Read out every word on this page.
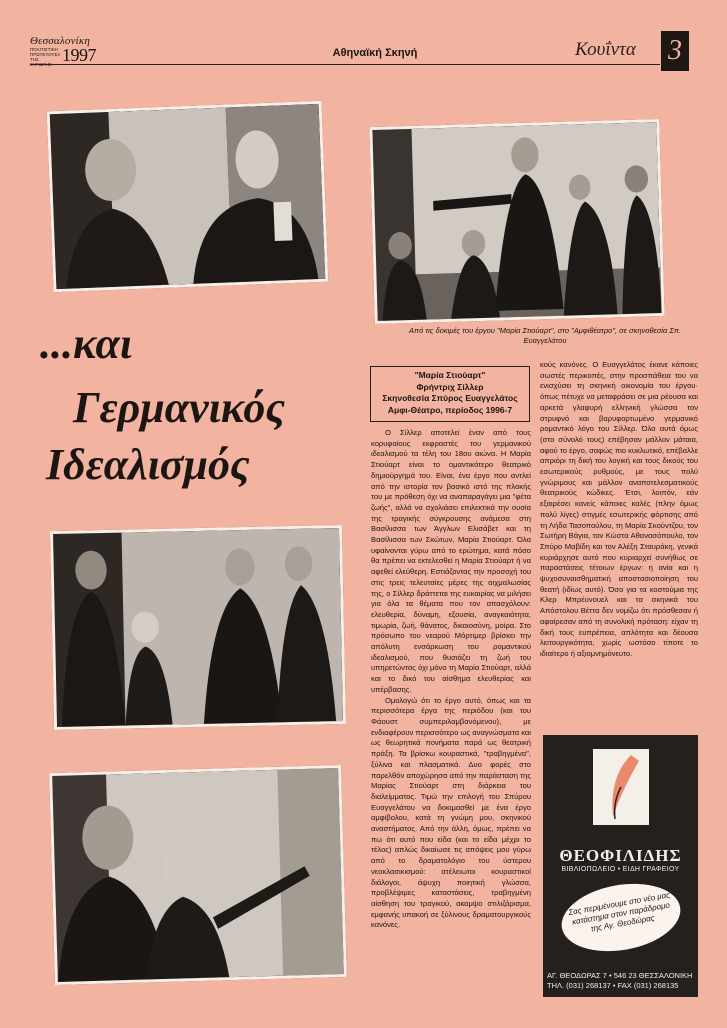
Θεσσαλονίκη
ΠΟΛΙΤΙΣΤΙΚΗ ΠΡΩΤΕΥΟΥΣΑ ΤΗΣ ΕΥΡΩΠΗΣ 1997	Αθηναϊκή Σκηνή	Κουΐντα 3
Από τις δοκιμές του έργου "Μαρία Στιούαρτ", στο "Αμφιθέατρο", σε σκηνοθεσία Σπ. Ευαγγελάτου
...και
Γερμανικός
Ιδεαλισμός
"Μαρία Στιούαρτ"
Φρήντριχ Σίλλερ
Σκηνοθεσία Σπύρος Ευαγγελάτος
Αμφι-Θέατρο, περίοδος 1996-7

Ο Σίλλερ αποτελεί έναν από τους κορυφαίους εκφραστές του γερμανικού ιδεαλισμού τα τέλη του 18ου αιώνα. Η Μαρία Στιούαρτ είναι το ομαντικότερο θεατρικό δημιούργημά του. Είναι, ένα έργο που αντλεί από την ιστορία τον βασικό ιστό της πλοκής του με πρόθεση όχι να αναπαραγάγει μια "φέτα ζωής", αλλά να σχολιάσει επιλεκτικά την ουσία της τραγικής σύγκρουσης ανάμεσα στη Βασίλισσα των Άγγλων Ελισάβετ και τη Βασίλισσα των Σκώτων, Μαρία Στιούαρτ. Όλα υφαίνονται γύρω από το ερώτημα, κατά πόσο θα πρέπει να εκτελεσθεί η Μαρία Στιούαρτ ή να αφεθεί ελεύθερη. Εστιάζοντας την προσοχή του στις τρεις τελευταίες μέρες της αιχμαλωσίας της, ο Σίλλερ δράττεται της ευκαιρίας να μιλήσει για όλα τα θέματα που τον απασχόλουν: ελευθερία, δύναμη, εξουσία, αναγκαιότητα, τιμωρία, ζωή, θάνατος, δικαιοσύνη, μοίρα. Στο πρόσωπο του νεαρού Μόρτιμερ βρίσκει την απόλυτη ενσάρκωση του ρομαντικού ιδεαλισμού, που θυσιάζει τη ζωή του υπηρετώντας όχι μόνο τη Μαρία Στιούαρτ, αλλά και το δικό του αίσθημα ελευθερίας και υπέρβασης.

Ομολογώ ότι το έργο αυτό, όπως και τα περισσότερα έργα της περιόδου (και του Φάουστ συμπεριλαμβανόμενου), με ενδιαφέρουν περισσότερο ως αναγνώσματα και ως θεωρητικά πονήματα παρά ως θεατρική πράξη. Τα βρίσκω κουραστικά, "τραβηγμένα", ξύλινα και πλασματικά. Δυο φορές στο παρελθόν αποχώρησα από την παράσταση της Μαρίας Στιούαρτ στη διάρκεια του διαλείμματος. Τιμώ την επιλογή του Σπύρου Ευαγγελάτου να δοκιμασθεί με ένα έργο αμφίβολου, κατά τη γνώμη μου, σκηνικού αναστήματος. Από την άλλη, όμως, πρέπει να πω ότι αυτό που είδα (και το είδα μέχρι το τέλος) απλώς δικαίωσε τις απόψεις μου γύρω από το δραματολόγιο του ύστερου νεοκλασικισμού: ατέλειωτοι κουραστικοί διάλογοι, άψυχη ποιητική γλώσσα, προβλέψιμες καταστάσεις, τραβηγμένη αίσθηση του τραγικού, ακαμψο στιλιζάρισμα, εμφανής υπακοή σε ξύλινους δραματουργικούς κανόνες.

κούς κανόνες. Ο Ευαγγελάτος έκανε κάποιες σωστές περικοπές, στην προσπάθεια του να ενισχύσει τη σκηνική οικονομία του έργου· όπως πέτυχε να μεταφράσει σε μια ρέουσα και αρκετά γλαφυρή ελληνική γλώσσα τον στρυφνό και βαρυφορτωμένο γερμανικό ρομαντικό λόγο του Σίλλερ. Όλα αυτά όμως (στο σύνολό τους) επέβησαν μάλλον μάταια, αφού το έργο, σαφώς πιο κυκλωτικό, επέβαλλε απριόρι τη δική του λογική και τους δικούς του εσωτερικούς ρυθμούς, με τους πολύ γνώριμους και μάλλον αναποτελεσματικούς θεατρικούς κώδικες. Έτσι, λοιπόν, εάν εξαιρέσει κανείς κάποιες καλές (πλην όμως πολύ λίγες) στιγμές εσωτερικής φόρτισης από τη Λήδα Τασοπούλου, τη Μαρία Σκούντζου, τον Σωτήρη Βάγια, τον Κώστα Αθανασόπουλο, τον Σπύρο Μαβίδη και τον Αλέξη Σταυράκη, γενικά κυριάρχησε αυτό που κυριαρχεί συνήθως σε παραστάσεις τέτοιων έργων: η ανία και η ψυχοσυναισθηματική αποστασιοποίηση του θεατή (ιδίως αυτό). Όσο για τα κοστούμια της Κλερ Μπρέυνουελ και τα σκηνικά του Απόστολου Βέττα δεν νομίζω ότι πρόσθεσαν ή αφαίρεσαν από τη συνολική πρόταση: είχαν τη δική τους ευπρέπεια, απλότητα και δέουσα λειτουργικότητα, χωρίς ωστόσο τίποτε το ιδιαίτερο ή αξιομνημόνευτο.

ΘΕΟΦΙΛΙΔΗΣ
ΒΙΒΛΙΟΠΩΛΕΙΟ • ΕΙΔΗ ΓΡΑΦΕΙΟΥ
Σας περιμένουμε στο νέο μας κατάστημα στον παράδρομο της Αγ. Θεοδώρας
ΑΓ. ΘΕΟΔΩΡΑΣ 7 • 546 23 ΘΕΣΣΑΛΟΝΙΚΗ
ΤΗΛ. (031) 268137 • FAX (031) 268135
